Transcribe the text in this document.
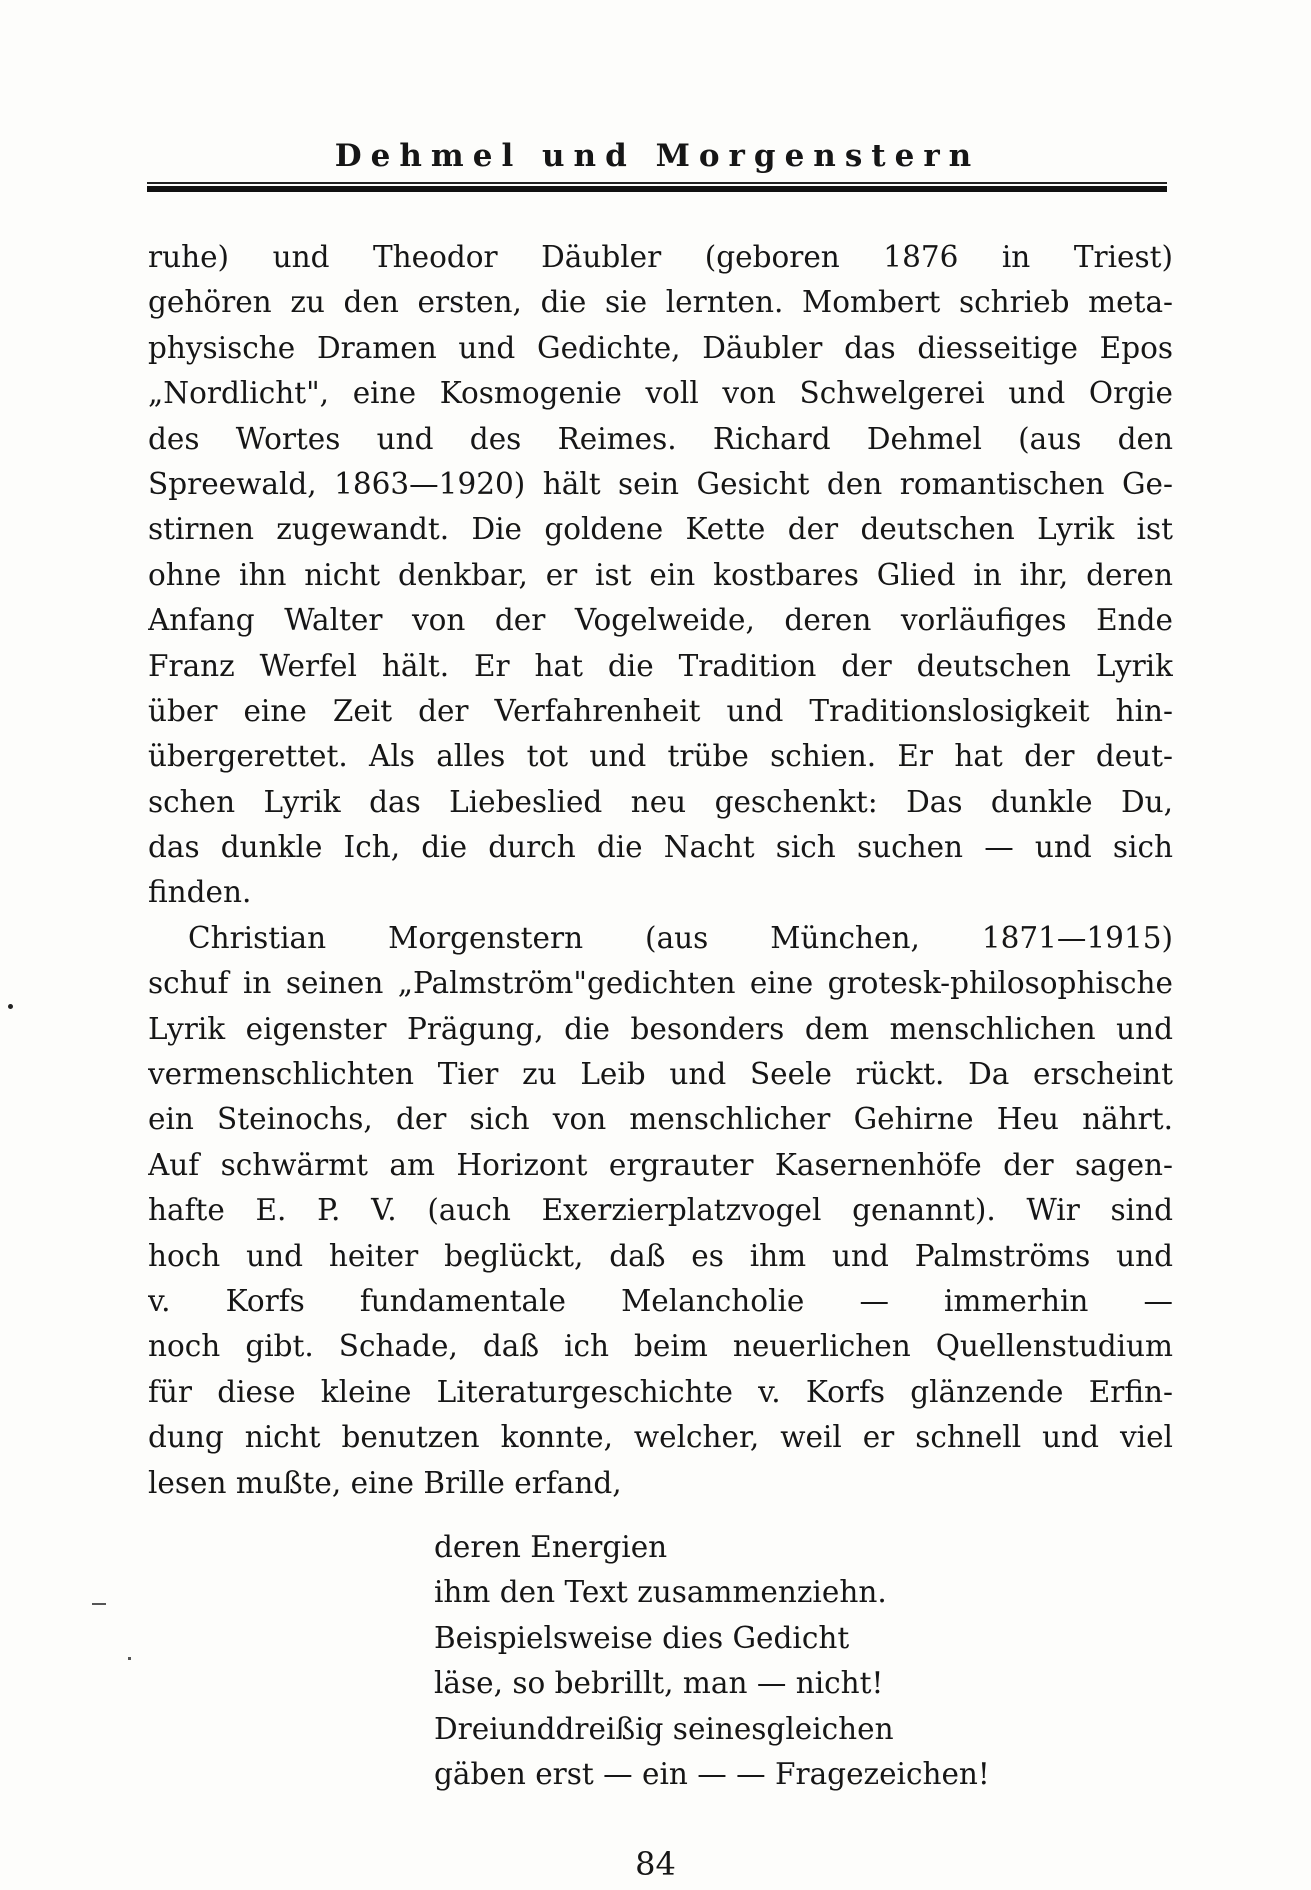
Dehmel und Morgenstern
ruhe) und Theodor Däubler (geboren 1876 in Triest)
gehören zu den ersten, die sie lernten. Mombert schrieb meta-
physische Dramen und Gedichte, Däubler das diesseitige Epos
„Nordlicht", eine Kosmogenie voll von Schwelgerei und Orgie
des Wortes und des Reimes. Richard Dehmel (aus den
Spreewald, 1863—1920) hält sein Gesicht den romantischen Ge-
stirnen zugewandt. Die goldene Kette der deutschen Lyrik ist
ohne ihn nicht denkbar, er ist ein kostbares Glied in ihr, deren
Anfang Walter von der Vogelweide, deren vorläufiges Ende
Franz Werfel hält. Er hat die Tradition der deutschen Lyrik
über eine Zeit der Verfahrenheit und Traditionslosigkeit hin-
übergerettet. Als alles tot und trübe schien. Er hat der deut-
schen Lyrik das Liebeslied neu geschenkt: Das dunkle Du,
das dunkle Ich, die durch die Nacht sich suchen — und sich
finden.
Christian Morgenstern (aus München, 1871—1915)
schuf in seinen „Palmström"gedichten eine grotesk-philosophische
Lyrik eigenster Prägung, die besonders dem menschlichen und
vermenschlichten Tier zu Leib und Seele rückt. Da erscheint
ein Steinochs, der sich von menschlicher Gehirne Heu nährt.
Auf schwärmt am Horizont ergrauter Kasernenhöfe der sagen-
hafte E. P. V. (auch Exerzierplatzvogel genannt). Wir sind
hoch und heiter beglückt, daß es ihm und Palmströms und
v. Korfs fundamentale Melancholie — immerhin —
noch gibt. Schade, daß ich beim neuerlichen Quellenstudium
für diese kleine Literaturgeschichte v. Korfs glänzende Erfin-
dung nicht benutzen konnte, welcher, weil er schnell und viel
lesen mußte, eine Brille erfand,
deren Energien
ihm den Text zusammenziehn.
Beispielsweise dies Gedicht
läse, so bebrillt, man — nicht!
Dreiunddreißig seinesgleichen
gäben erst — ein — — Fragezeichen!
84
